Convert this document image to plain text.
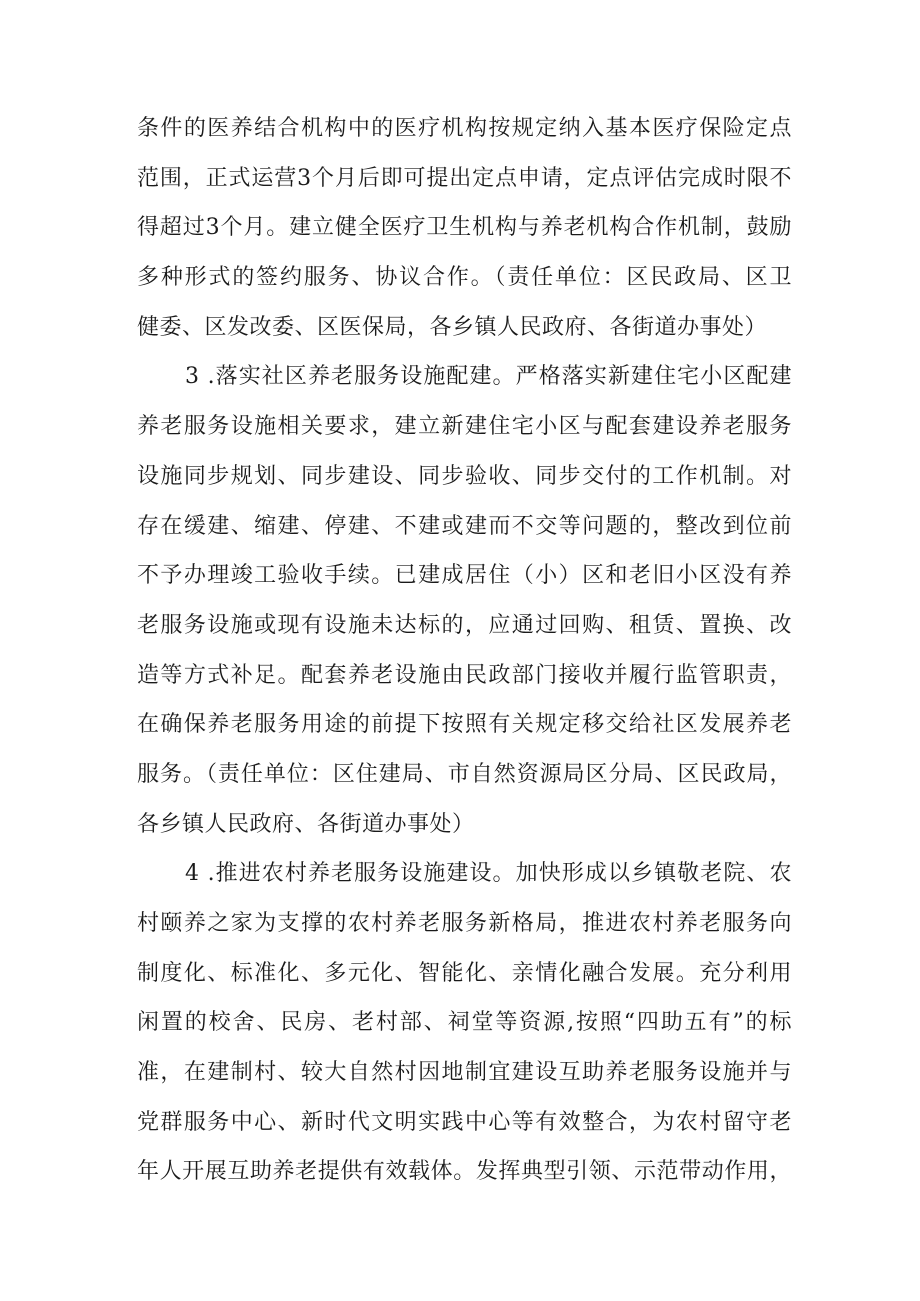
条件的医养结合机构中的医疗机构按规定纳入基本医疗保险定点
范围，正式运营3个月后即可提出定点申请，定点评估完成时限不
得超过3个月。建立健全医疗卫生机构与养老机构合作机制，鼓励
多种形式的签约服务、协议合作。（责任单位：区民政局、区卫
健委、区发改委、区医保局，各乡镇人民政府、各街道办事处）
3 .落实社区养老服务设施配建。严格落实新建住宅小区配建
养老服务设施相关要求，建立新建住宅小区与配套建设养老服务
设施同步规划、同步建设、同步验收、同步交付的工作机制。对
存在缓建、缩建、停建、不建或建而不交等问题的，整改到位前
不予办理竣工验收手续。已建成居住（小）区和老旧小区没有养
老服务设施或现有设施未达标的，应通过回购、租赁、置换、改
造等方式补足。配套养老设施由民政部门接收并履行监管职责，
在确保养老服务用途的前提下按照有关规定移交给社区发展养老
服务。（责任单位：区住建局、市自然资源局区分局、区民政局，
各乡镇人民政府、各街道办事处）
4 .推进农村养老服务设施建设。加快形成以乡镇敬老院、农
村颐养之家为支撑的农村养老服务新格局，推进农村养老服务向
制度化、标准化、多元化、智能化、亲情化融合发展。充分利用
闲置的校舍、民房、老村部、祠堂等资源,按照“四助五有”的标
准，在建制村、较大自然村因地制宜建设互助养老服务设施并与
党群服务中心、新时代文明实践中心等有效整合，为农村留守老
年人开展互助养老提供有效载体。发挥典型引领、示范带动作用，
